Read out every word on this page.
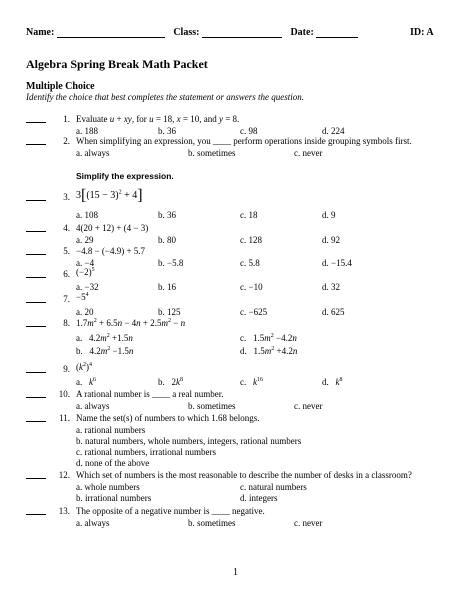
Name:	Class:	Date:	ID: A
Algebra Spring Break Math Packet
Multiple Choice
Identify the choice that best completes the statement or answers the question.
1. Evaluate u + xy, for u = 18, x = 10, and y = 8.
a. 188	b. 36	c. 98	d. 224
2. When simplifying an expression, you ____ perform operations inside grouping symbols first.
a. always	b. sometimes	c. never
Simplify the expression.
3. $3[(15 - 3)^2 + 4]$
a. 108	b. 36	c. 18	d. 9
4. 4(20 + 12) + (4 − 3)
a. 29	b. 80	c. 128	d. 92
5. −4.8 − (−4.9) + 5.7
a. −4	b. −5.8	c. 5.8	d. −15.4
6. $(-2)^5$
a. −32	b. 16	c. −10	d. 32
7. $-5^4$
a. 20	b. 125	c. −625	d. 625
8. $1.7m^2 + 6.5n - 4n + 2.5m^2 - n$
a.   $4.2m^2 +1.5n$	c.   $1.5m^2 -4.2n$
b.   $4.2m^2 -1.5n$	d.   $1.5m^2 +4.2n$
9. $(k^2)^4$
a.   $k^6$	b.   $2k^8$	c.   $k^{16}$	d.   $k^8$
10. A rational number is ____ a real number.
a. always	b. sometimes	c. never
11. Name the set(s) of numbers to which 1.68 belongs.
a. rational numbers
b. natural numbers, whole numbers, integers, rational numbers
c. rational numbers, irrational numbers
d. none of the above
12. Which set of numbers is the most reasonable to describe the number of desks in a classroom?
a. whole numbers	c. natural numbers
b. irrational numbers	d. integers
13. The opposite of a negative number is ____ negative.
a. always	b. sometimes	c. never
1
